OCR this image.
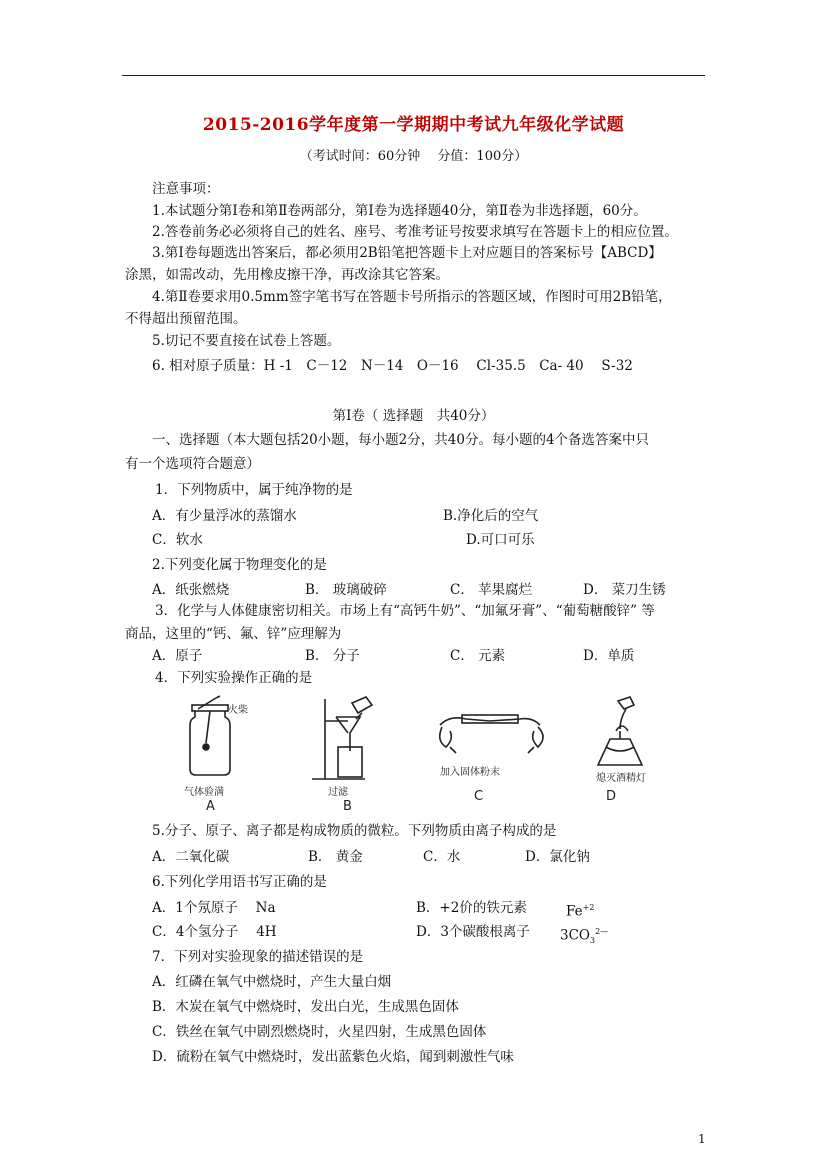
2015-2016学年度第一学期期中考试九年级化学试题
（考试时间：60分钟　 分值：100分）
注意事项：
1.本试题分第Ⅰ卷和第Ⅱ卷两部分，第Ⅰ卷为选择题40分，第Ⅱ卷为非选择题，60分。
2.答卷前务必必须将自己的姓名、座号、考准考证号按要求填写在答题卡上的相应位置。
3.第Ⅰ卷每题选出答案后，都必须用2B铅笔把答题卡上对应题目的答案标号【ABCD】
涂黑，如需改动，先用橡皮擦干净，再改涂其它答案。
4.第Ⅱ卷要求用0.5mm签字笔书写在答题卡号所指示的答题区域，作图时可用2B铅笔，
不得超出预留范围。
5.切记不要直接在试卷上答题。
6. 相对原子质量：H -1　C－12　N－14　O－16　 Cl-35.5　Ca- 40　 S-32
第Ⅰ卷（ 选择题　共40分）
一、选择题（本大题包括20小题，每小题2分，共40分。每小题的4个备选答案中只
有一个选项符合题意）
1．下列物质中，属于纯净物的是
A．有少量浮冰的蒸馏水	B.净化后的空气
C．软水	D.可口可乐
2.下列变化属于物理变化的是
A．纸张燃烧	B． 玻璃破碎	C． 苹果腐烂	D． 菜刀生锈
3．化学与人体健康密切相关。市场上有“高钙牛奶”、“加氟牙膏”、“葡萄糖酸锌” 等
商品，这里的“钙、氟、锌”应理解为
A．原子	B． 分子	C． 元素	D．单质
4．下列实验操作正确的是
火柴
气体验满	过滤
加入固体粉末
熄灭酒精灯
A	B
C	D
5.分子、原子、离子都是构成物质的微粒。下列物质由离子构成的是
A．二氧化碳	B． 黄金	C．水	D．氯化钠
6.下列化学用语书写正确的是
A．1个氖原子　 Na	B．+2价的铁元素	$Fe^{+2}$
C．4个氢分子　 4H	D．3个碳酸根离子 $3CO_3^{2—}$
7．下列对实验现象的描述错误的是
A．红磷在氧气中燃烧时，产生大量白烟
B．木炭在氧气中燃烧时，发出白光，生成黑色固体
C．铁丝在氧气中剧烈燃烧时，火星四射，生成黑色固体
D．硫粉在氧气中燃烧时，发出蓝紫色火焰，闻到刺激性气味
1
